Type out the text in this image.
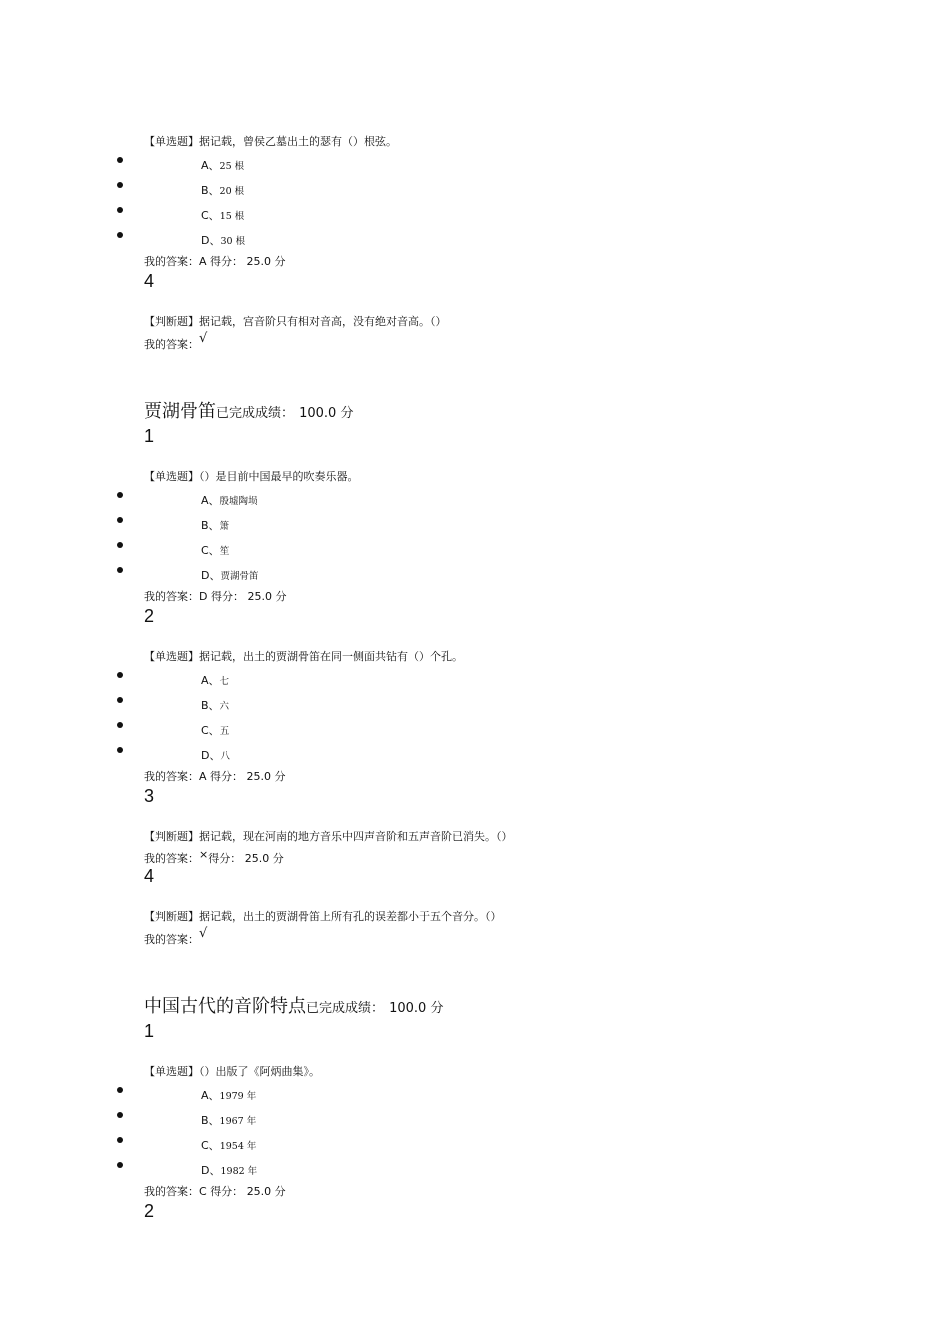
【单选题】据记载，曾侯乙墓出土的瑟有（）根弦。
A、25 根
B、20 根
C、15 根
D、30 根
我的答案：A 得分： 25.0 分
4
【判断题】据记载，宫音阶只有相对音高，没有绝对音高。（）
我的答案：√
贾湖骨笛已完成成绩： 100.0 分
1
【单选题】（）是目前中国最早的吹奏乐器。
A、殷墟陶埙
B、箫
C、笙
D、贾湖骨笛
我的答案：D 得分： 25.0 分
2
【单选题】据记载，出土的贾湖骨笛在同一侧面共钻有（）个孔。
A、七
B、六
C、五
D、八
我的答案：A 得分： 25.0 分
3
【判断题】据记载，现在河南的地方音乐中四声音阶和五声音阶已消失。（）
我的答案：×得分： 25.0 分
4
【判断题】据记载，出土的贾湖骨笛上所有孔的误差都小于五个音分。（）
我的答案：√
中国古代的音阶特点已完成成绩： 100.0 分
1
【单选题】（）出版了《阿炳曲集》。
A、1979 年
B、1967 年
C、1954 年
D、1982 年
我的答案：C 得分： 25.0 分
2
